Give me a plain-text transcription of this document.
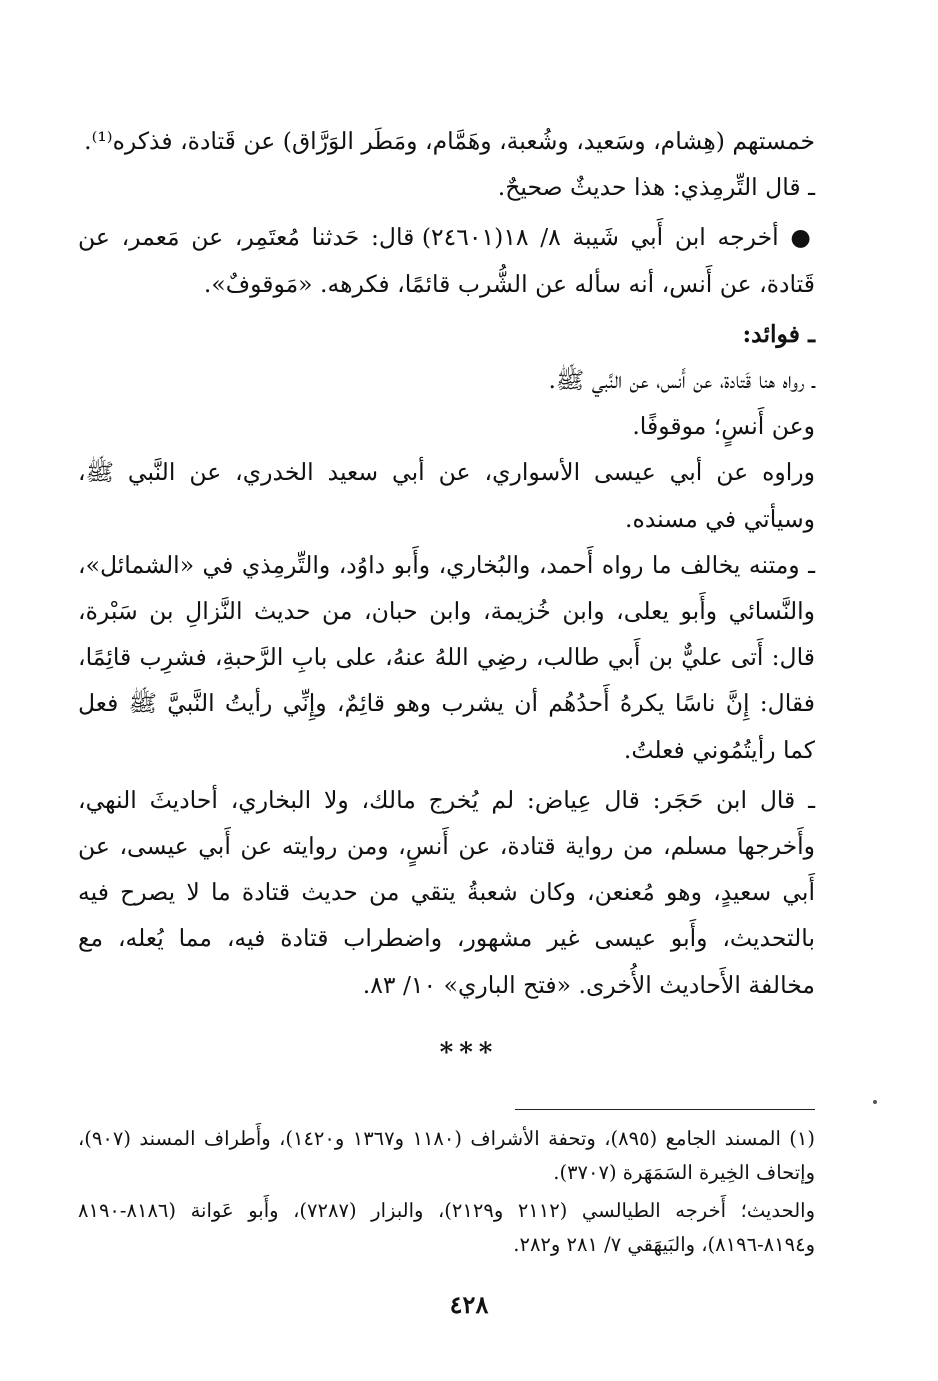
خمستهم (هِشام، وسَعيد، وشُعبة، وهَمَّام، ومَطَر الوَرَّاق) عن قَتادة، فذكره⁽¹⁾.

ـ قال التِّرمِذي: هذا حديثٌ صحيحٌ.

● أخرجه ابن أَبي شَيبة ٨/ ١٨(٢٤٦٠١) قال: حَدثنا مُعتَمِر، عن مَعمر، عن قَتادة، عن أَنس، أنه سأله عن الشُّرب قائمًا، فكرهه. «مَوقوفٌ».

ـ فوائد:

ـ رواه هنا قَتادة، عن أَنس، عن النَّبي ﷺ.

وعن أَنسٍ؛ موقوفًا.

وراوه عن أبي عيسى الأسواري، عن أبي سعيد الخدري، عن النَّبي ﷺ، وسيأتي في مسنده.

ـ ومتنه يخالف ما رواه أَحمد، والبُخاري، وأَبو داوُد، والتِّرمِذي في «الشمائل»، والنَّسائي وأَبو يعلى، وابن خُزيمة، وابن حبان، من حديث النَّزالِ بن سَبْرة، قال: أَتى عليٌّ بن أَبي طالب، رضِي اللهُ عنهُ، على بابِ الرَّحبةِ، فشرِب قائِمًا، فقال: إِنَّ ناسًا يكرهُ أَحدُهُم أن يشرب وهو قائِمٌ، وإِنِّي رأيتُ النَّبيَّ ﷺ فعل كما رأيتُمُوني فعلتُ.

ـ قال ابن حَجَر: قال عِياض: لم يُخرج مالك، ولا البخاري، أحاديثَ النهي، وأَخرجها مسلم، من رواية قتادة، عن أَنسٍ، ومن روايته عن أَبي عيسى، عن أَبي سعيدٍ، وهو مُعنعن، وكان شعبةُ يتقي من حديث قتادة ما لا يصرح فيه بالتحديث، وأَبو عيسى غير مشهور، واضطراب قتادة فيه، مما يُعله، مع مخالفة الأَحاديث الأُخرى. «فتح الباري» ١٠/ ٨٣.

***

(١) المسند الجامع (٨٩٥)، وتحفة الأشراف (١١٨٠ و١٣٦٧ و١٤٢٠)، وأَطراف المسند (٩٠٧)، وإتحاف الخِيرة السَمَهَرة (٣٧٠٧).

والحديث؛ أَخرجه الطيالسي (٢١١٢ و٢١٢٩)، والبزار (٧٢٨٧)، وأَبو عَوانة (٨١٨٦-٨١٩٠ و٨١٩٤-٨١٩٦)، والبَيهَقي ٧/ ٢٨١ و٢٨٢.

٤٢٨
